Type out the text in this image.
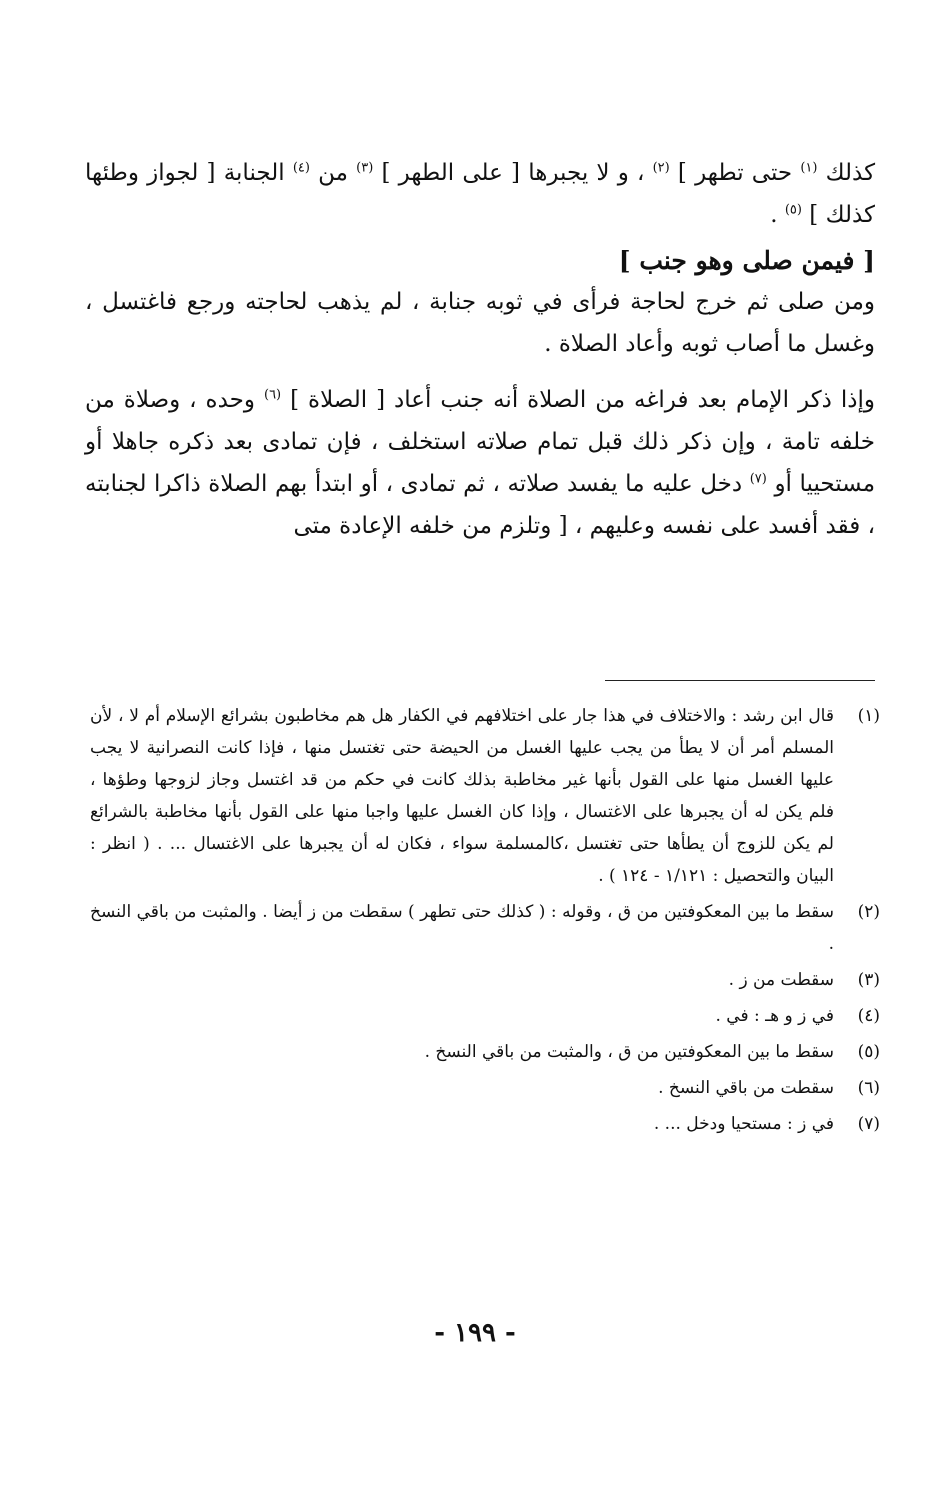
كذلك $^{(١)}$ حتى تطهر ] $^{(٢)}$ ، و لا يجبرها [ على الطهر ] $^{(٣)}$ من $^{(٤)}$ الجنابة [ لجواز وطئها كذلك ] $^{(٥)}$ .

[ فيمن صلى وهو جنب ]

ومن صلى ثم خرج لحاجة فرأى في ثوبه جنابة ، لم يذهب لحاجته ورجع فاغتسل ، وغسل ما أصاب ثوبه وأعاد الصلاة .

وإذا ذكر الإمام بعد فراغه من الصلاة أنه جنب أعاد [ الصلاة ] $^{(٦)}$ وحده ، وصلاة من خلفه تامة ، وإن ذكر ذلك قبل تمام صلاته استخلف ، فإن تمادى بعد ذكره جاهلا أو مستحييا أو $^{(٧)}$ دخل عليه ما يفسد صلاته ، ثم تمادى ، أو ابتدأ بهم الصلاة ذاكرا لجنابته ، فقد أفسد على نفسه وعليهم ، [ وتلزم من خلفه الإعادة متى

(١)
قال ابن رشد : والاختلاف في هذا جار على اختلافهم في الكفار هل هم مخاطبون بشرائع الإسلام أم لا ، لأن المسلم أمر أن لا يطأ من يجب عليها الغسل من الحيضة حتى تغتسل منها ، فإذا كانت النصرانية لا يجب عليها الغسل منها على القول بأنها غير مخاطبة بذلك كانت في حكم من قد اغتسل وجاز لزوجها وطؤها ، فلم يكن له أن يجبرها على الاغتسال ، وإذا كان الغسل عليها واجبا منها على القول بأنها مخاطبة بالشرائع لم يكن للزوج أن يطأها حتى تغتسل ،كالمسلمة سواء ، فكان له أن يجبرها على الاغتسال ... . ( انظر : البيان والتحصيل : ١/١٢١ - ١٢٤ ) .
(٢)
سقط ما بين المعكوفتين من ق ، وقوله : ( كذلك حتى تطهر ) سقطت من ز أيضا . والمثبت من باقي النسخ .
(٣)
سقطت من ز .
(٤)
في ز و هـ : في .
(٥)
سقط ما بين المعكوفتين من ق ، والمثبت من باقي النسخ .
(٦)
سقطت من باقي النسخ .
(٧)
في ز : مستحيا ودخل ... .
- ١٩٩ -
